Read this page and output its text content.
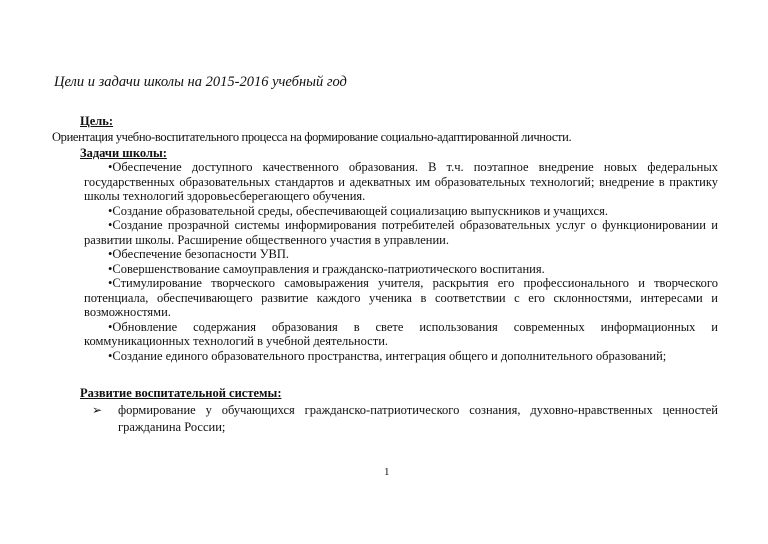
Цели и задачи школы на 2015-2016 учебный год
Цель:
Ориентация учебно-воспитательного процесса на формирование социально-адаптированной личности.
Задачи школы:
•Обеспечение доступного качественного образования. В т.ч. поэтапное внедрение новых федеральных государственных образовательных стандартов и адекватных им образовательных технологий; внедрение в практику школы технологий здоровьесберегающего обучения.
•Создание образовательной среды, обеспечивающей социализацию выпускников и учащихся.
•Создание прозрачной системы информирования потребителей образовательных услуг о функционировании и развитии школы. Расширение общественного участия в управлении.
•Обеспечение безопасности УВП.
•Совершенствование самоуправления и гражданско-патриотического воспитания.
•Стимулирование творческого самовыражения учителя, раскрытия его профессионального и творческого потенциала, обеспечивающего развитие каждого ученика в соответствии с его склонностями, интересами и возможностями.
•Обновление содержания образования в свете использования современных информационных и коммуникационных технологий в учебной деятельности.
•Создание единого образовательного пространства, интеграция общего и дополнительного образований;
Развитие воспитательной системы:
➢ формирование у обучающихся гражданско-патриотического сознания, духовно-нравственных ценностей гражданина России;
1
